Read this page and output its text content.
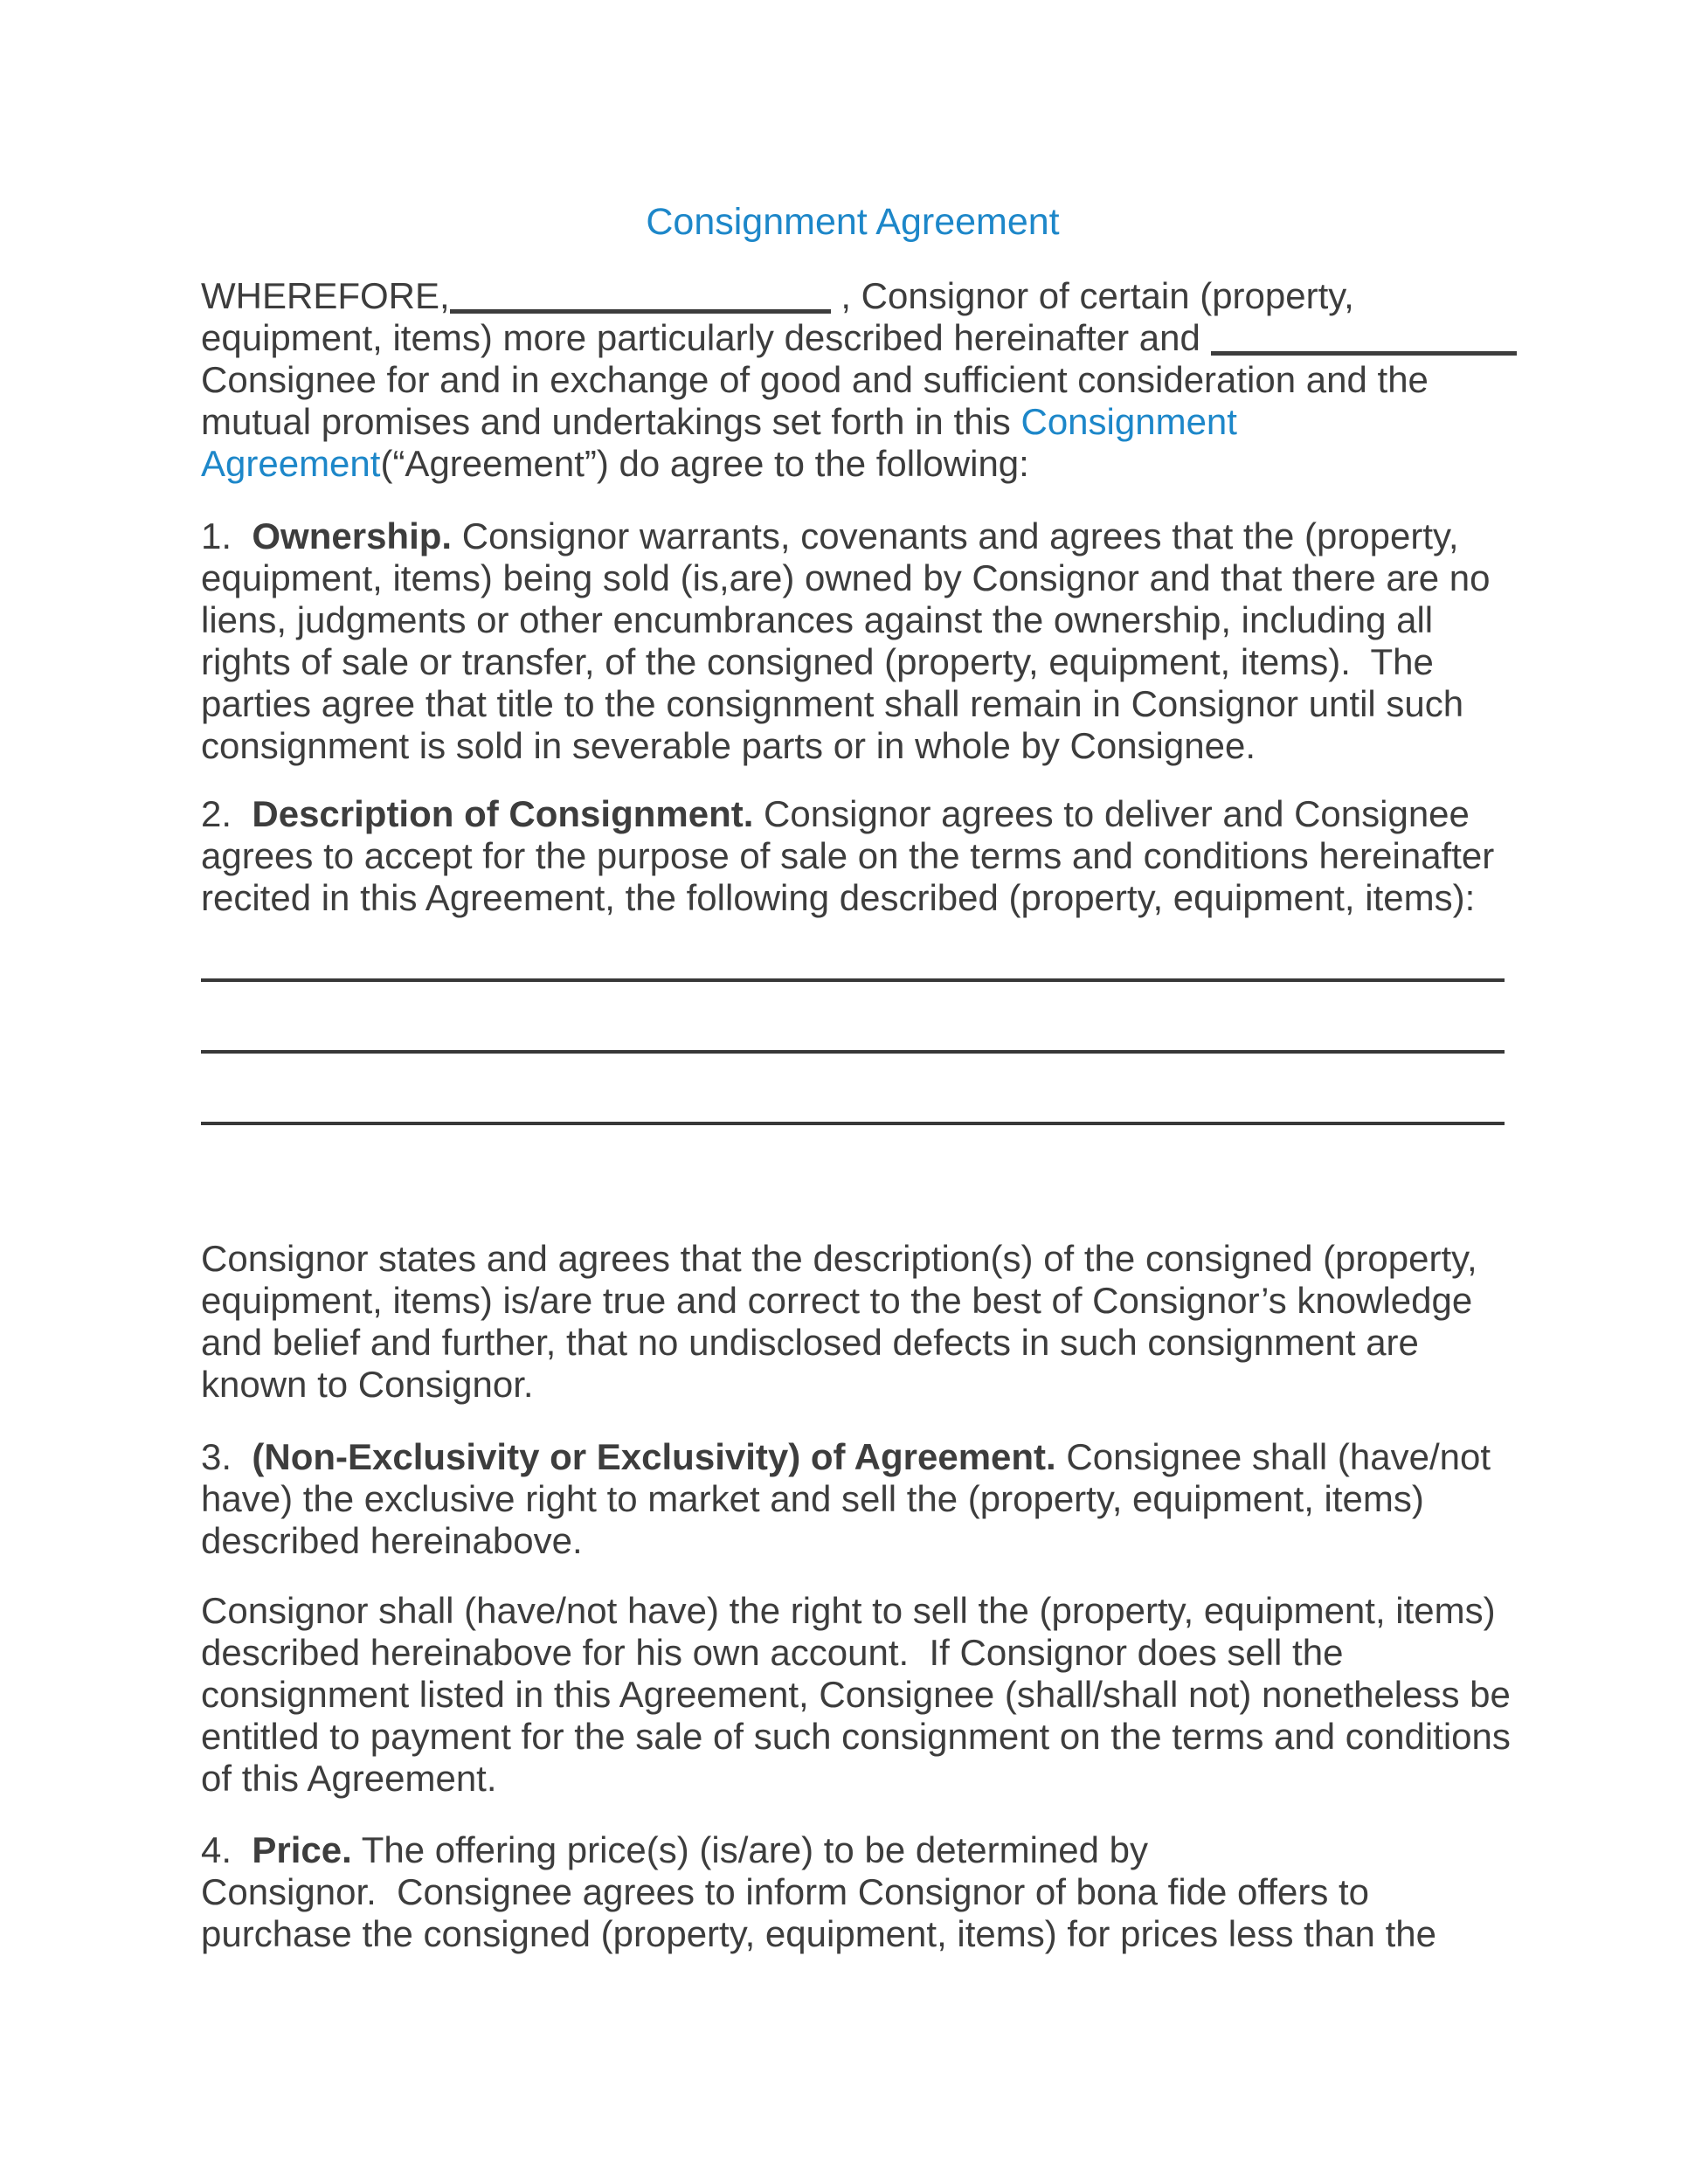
Consignment Agreement
WHEREFORE,	, Consignor of certain (property,
equipment, items) more particularly described hereinafter and
Consignee for and in exchange of good and sufficient consideration and the
mutual promises and undertakings set forth in this Consignment
Agreement(“Agreement”) do agree to the following:
1.  Ownership. Consignor warrants, covenants and agrees that the (property,
equipment, items) being sold (is,are) owned by Consignor and that there are no
liens, judgments or other encumbrances against the ownership, including all
rights of sale or transfer, of the consigned (property, equipment, items).  The
parties agree that title to the consignment shall remain in Consignor until such
consignment is sold in severable parts or in whole by Consignee.
2.  Description of Consignment. Consignor agrees to deliver and Consignee
agrees to accept for the purpose of sale on the terms and conditions hereinafter
recited in this Agreement, the following described (property, equipment, items):
Consignor states and agrees that the description(s) of the consigned (property,
equipment, items) is/are true and correct to the best of Consignor’s knowledge
and belief and further, that no undisclosed defects in such consignment are
known to Consignor.
3.  (Non-Exclusivity or Exclusivity) of Agreement. Consignee shall (have/not
have) the exclusive right to market and sell the (property, equipment, items)
described hereinabove.
Consignor shall (have/not have) the right to sell the (property, equipment, items)
described hereinabove for his own account.  If Consignor does sell the
consignment listed in this Agreement, Consignee (shall/shall not) nonetheless be
entitled to payment for the sale of such consignment on the terms and conditions
of this Agreement.
4.  Price. The offering price(s) (is/are) to be determined by
Consignor.  Consignee agrees to inform Consignor of bona fide offers to
purchase the consigned (property, equipment, items) for prices less than the
